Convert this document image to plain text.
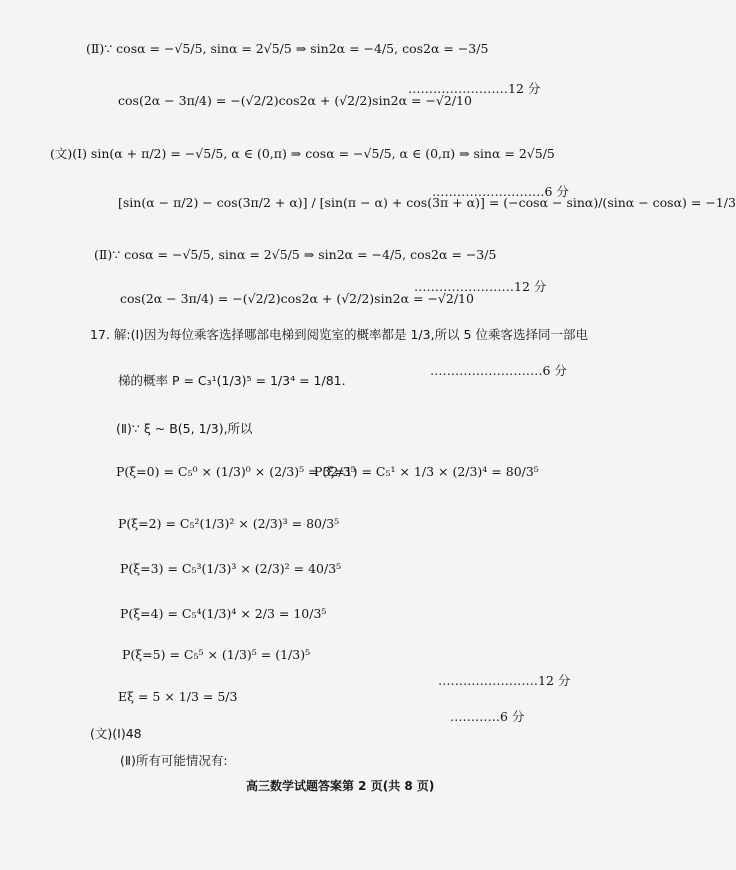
(Ⅱ)∵ cosα = −√5/5, sinα = 2√5/5 ⇒ sin2α = −4/5, cos2α = −3/5
cos(2α − 3π/4) = −(√2/2)cos2α + (√2/2)sin2α = −√2/10
……………………12 分
(文)(Ⅰ) sin(α + π/2) = −√5/5, α ∈ (0,π) ⇒ cosα = −√5/5, α ∈ (0,π) ⇒ sinα = 2√5/5
[sin(α − π/2) − cos(3π/2 + α)] / [sin(π − α) + cos(3π + α)] = (−cosα − sinα)/(sinα − cosα) = −1/3
………………………6 分
(Ⅱ)∵ cosα = −√5/5, sinα = 2√5/5 ⇒ sin2α = −4/5, cos2α = −3/5
cos(2α − 3π/4) = −(√2/2)cos2α + (√2/2)sin2α = −√2/10
……………………12 分
17. 解:(Ⅰ)因为每位乘客选择哪部电梯到阅览室的概率都是 1/3,所以 5 位乘客选择同一部电
梯的概率 P = C₃¹(1/3)⁵ = 1/3⁴ = 1/81.
………………………6 分
(Ⅱ)∵ ξ ~ B(5, 1/3),所以
P(ξ=0) = C₅⁰ × (1/3)⁰ × (2/3)⁵ = 32/3⁵
P(ξ=1) = C₅¹ × 1/3 × (2/3)⁴ = 80/3⁵
P(ξ=2) = C₅²(1/3)² × (2/3)³ = 80/3⁵
P(ξ=3) = C₅³(1/3)³ × (2/3)² = 40/3⁵
P(ξ=4) = C₅⁴(1/3)⁴ × 2/3 = 10/3⁵
P(ξ=5) = C₅⁵ × (1/3)⁵ = (1/3)⁵
Eξ = 5 × 1/3 = 5/3
……………………12 分
…………6 分
(文)(Ⅰ)48
(Ⅱ)所有可能情况有:
高三数学试题答案第 2 页(共 8 页)
